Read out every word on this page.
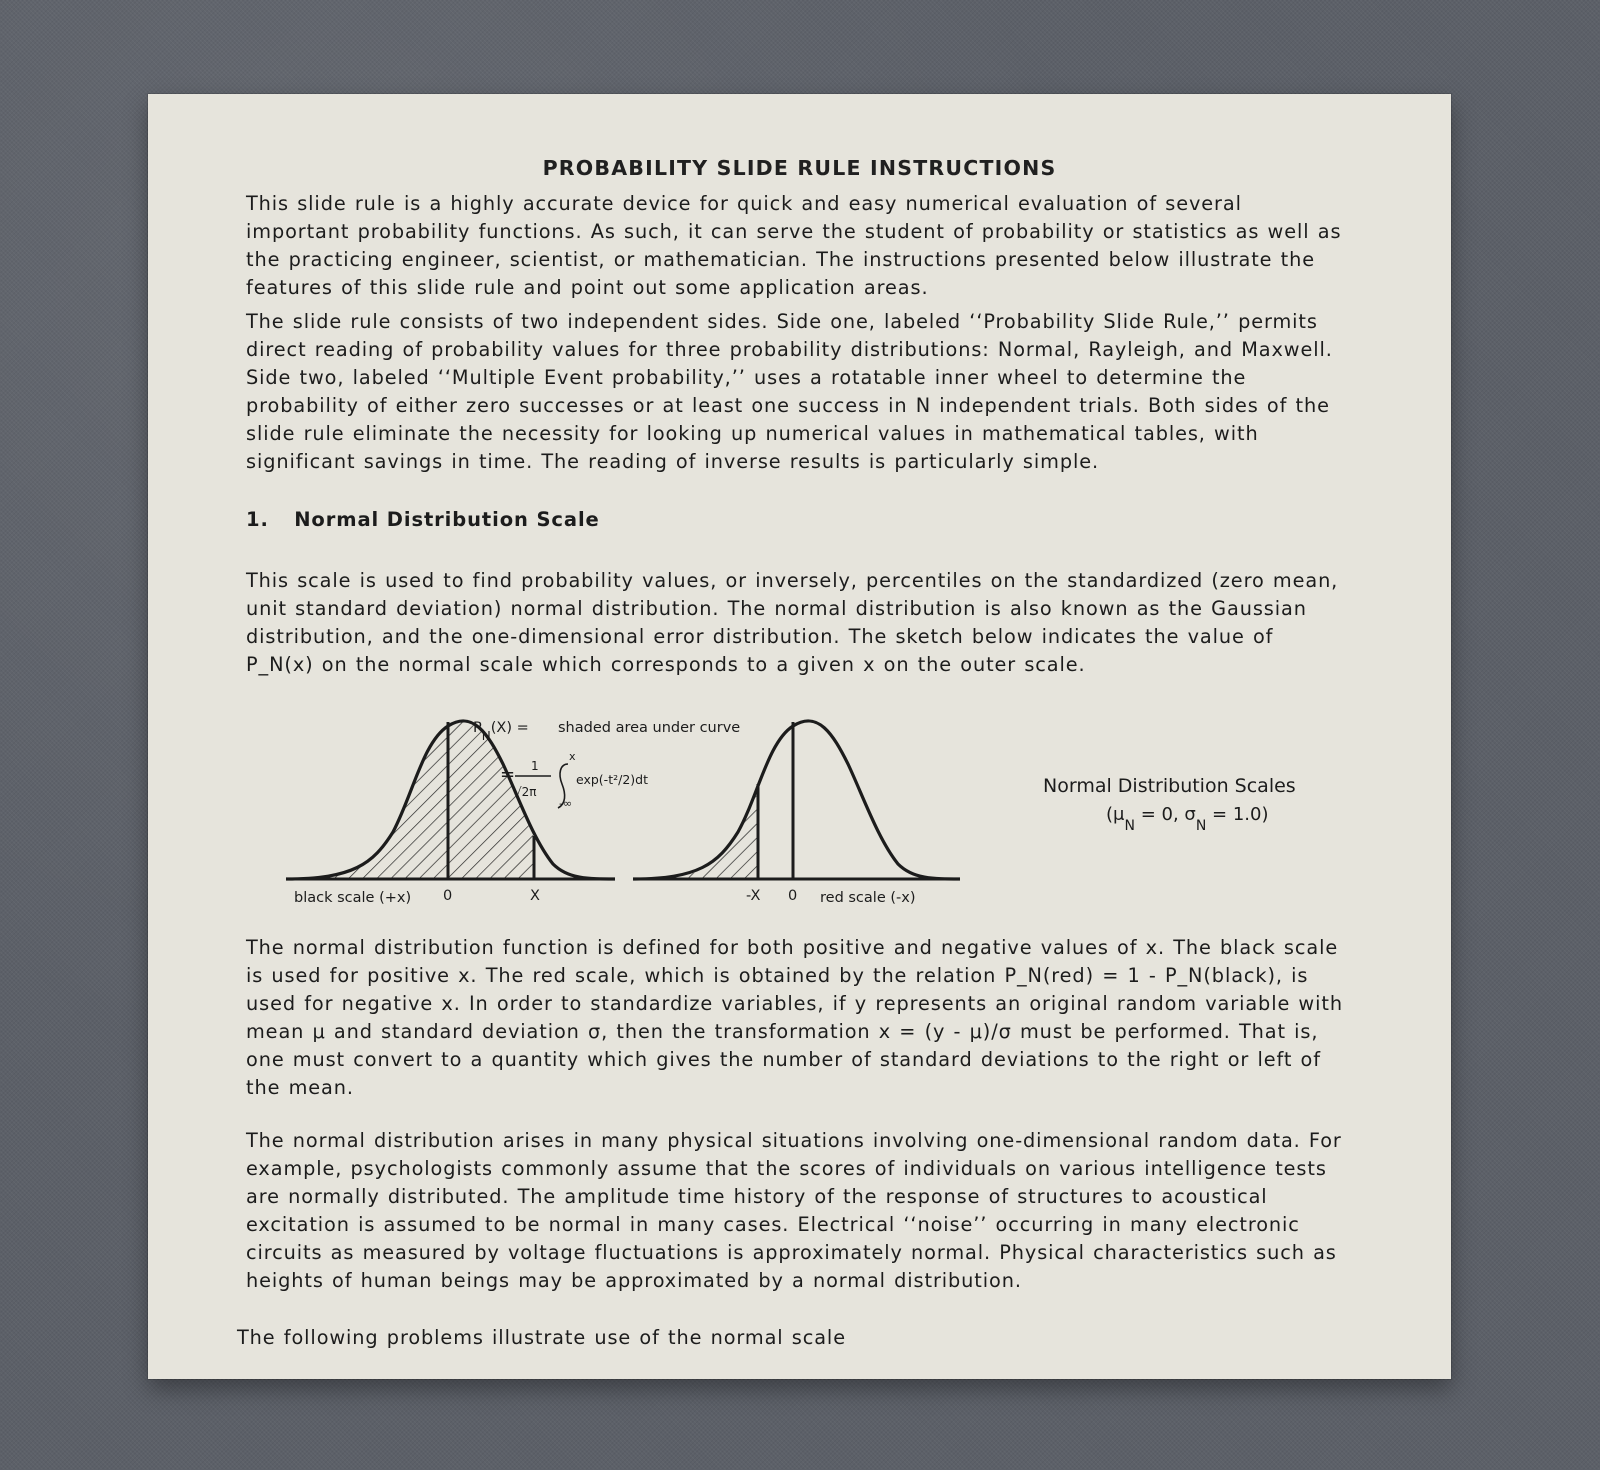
PROBABILITY SLIDE RULE INSTRUCTIONS
This slide rule is a highly accurate device for quick and easy numerical evaluation of several important probability functions. As such, it can serve the student of probability or statistics as well as the practicing engineer, scientist, or mathematician. The instructions presented below illustrate the features of this slide rule and point out some application areas.
The slide rule consists of two independent sides. Side one, labeled ‘‘Probability Slide Rule,’’ permits direct reading of probability values for three probability distributions: Normal, Rayleigh, and Maxwell. Side two, labeled ‘‘Multiple Event probability,’’ uses a rotatable inner wheel to determine the probability of either zero successes or at least one success in N independent trials. Both sides of the slide rule eliminate the necessity for looking up numerical values in mathematical tables, with significant savings in time. The reading of inverse results is particularly simple.
1. Normal Distribution Scale

This scale is used to find probability values, or inversely, percentiles on the standardized (zero mean, unit standard deviation) normal distribution. The normal distribution is also known as the Gaussian distribution, and the one-dimensional error distribution. The sketch below indicates the value of P_N(x) on the normal scale which corresponds to a given x on the outer scale.

black scale (+x) 0	X
$P_N(X)$ = shaded area under curve
= 1
√2π
x
-∞
exp(-t²/2)dt
-X 0 red scale (-x)
Normal Distribution Scales
($\mu_N = 0$, $\sigma_N = 1.0$)
The normal distribution function is defined for both positive and negative values of x. The black scale is used for positive x. The red scale, which is obtained by the relation P_N(red) = 1 - P_N(black), is used for negative x. In order to standardize variables, if y represents an original random variable with mean μ and standard deviation σ, then the transformation x = (y - μ)/σ must be performed. That is, one must convert to a quantity which gives the number of standard deviations to the right or left of the mean.
The normal distribution arises in many physical situations involving one-dimensional random data. For example, psychologists commonly assume that the scores of individuals on various intelligence tests are normally distributed. The amplitude time history of the response of structures to acoustical excitation is assumed to be normal in many cases. Electrical ‘‘noise’’ occurring in many electronic circuits as measured by voltage fluctuations is approximately normal. Physical characteristics such as heights of human beings may be approximated by a normal distribution.
The following problems illustrate use of the normal scale
